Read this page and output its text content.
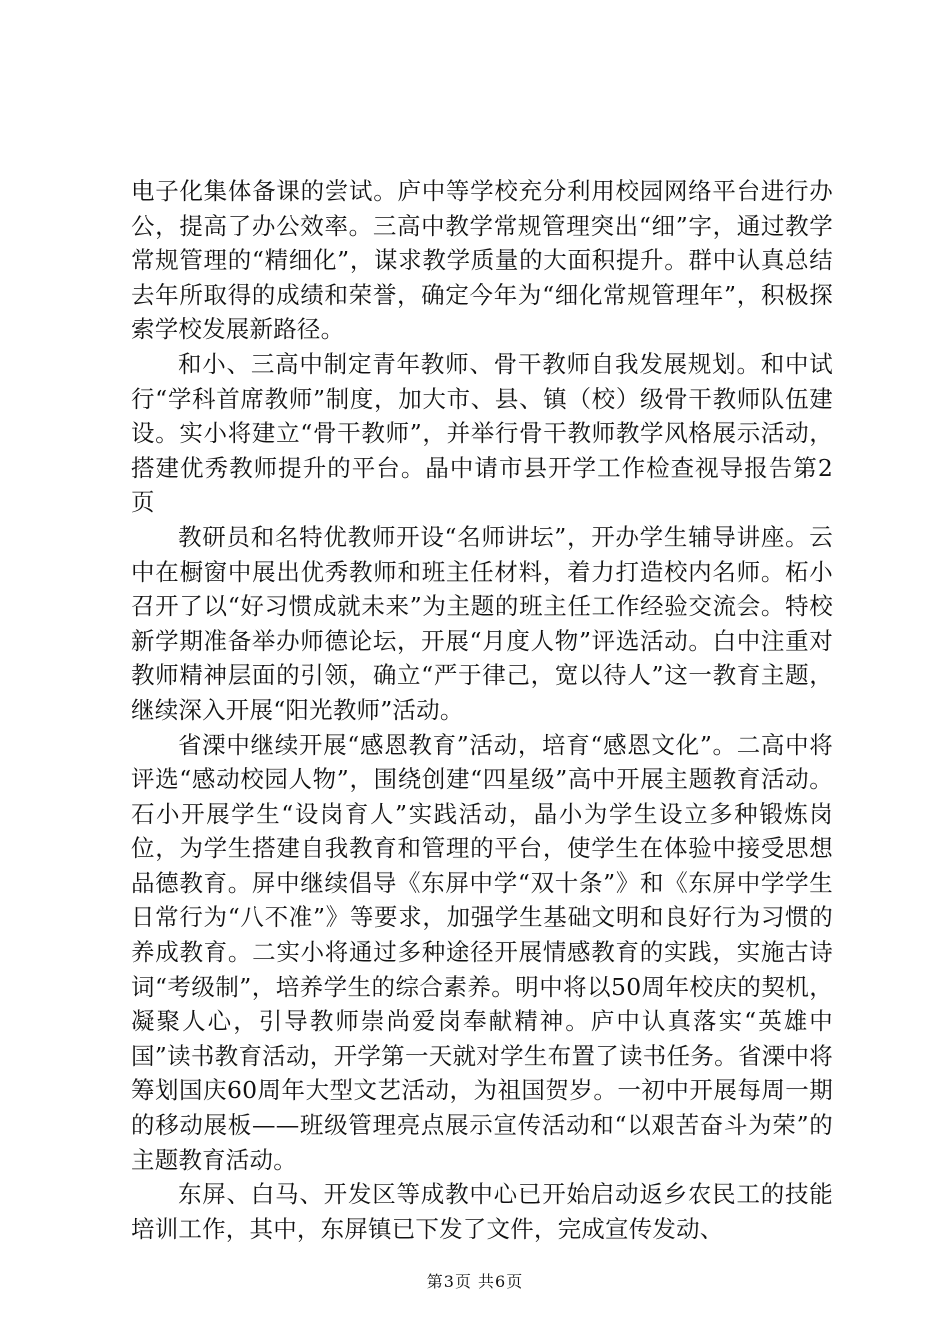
电子化集体备课的尝试。庐中等学校充分利用校园网络平台进行办公，提高了办公效率。三高中教学常规管理突出“细”字，通过教学常规管理的“精细化”，谋求教学质量的大面积提升。群中认真总结去年所取得的成绩和荣誉，确定今年为“细化常规管理年”，积极探索学校发展新路径。

和小、三高中制定青年教师、骨干教师自我发展规划。和中试行“学科首席教师”制度，加大市、县、镇（校）级骨干教师队伍建设。实小将建立“骨干教师”，并举行骨干教师教学风格展示活动，搭建优秀教师提升的平台。晶中请市县开学工作检查视导报告第2页

教研员和名特优教师开设“名师讲坛”，开办学生辅导讲座。云中在橱窗中展出优秀教师和班主任材料，着力打造校内名师。柘小召开了以“好习惯成就未来”为主题的班主任工作经验交流会。特校新学期准备举办师德论坛，开展“月度人物”评选活动。白中注重对教师精神层面的引领，确立“严于律己，宽以待人”这一教育主题，继续深入开展“阳光教师”活动。

省溧中继续开展“感恩教育”活动，培育“感恩文化”。二高中将评选“感动校园人物”，围绕创建“四星级”高中开展主题教育活动。石小开展学生“设岗育人”实践活动，晶小为学生设立多种锻炼岗位，为学生搭建自我教育和管理的平台，使学生在体验中接受思想品德教育。屏中继续倡导《东屏中学“双十条”》和《东屏中学学生日常行为“八不准”》等要求，加强学生基础文明和良好行为习惯的养成教育。二实小将通过多种途径开展情感教育的实践，实施古诗词“考级制”，培养学生的综合素养。明中将以50周年校庆的契机，凝聚人心，引导教师崇尚爱岗奉献精神。庐中认真落实“英雄中国”读书教育活动，开学第一天就对学生布置了读书任务。省溧中将筹划国庆60周年大型文艺活动，为祖国贺岁。一初中开展每周一期的移动展板——班级管理亮点展示宣传活动和“以艰苦奋斗为荣”的主题教育活动。

东屏、白马、开发区等成教中心已开始启动返乡农民工的技能培训工作，其中，东屏镇已下发了文件，完成宣传发动、

第3页 共6页
